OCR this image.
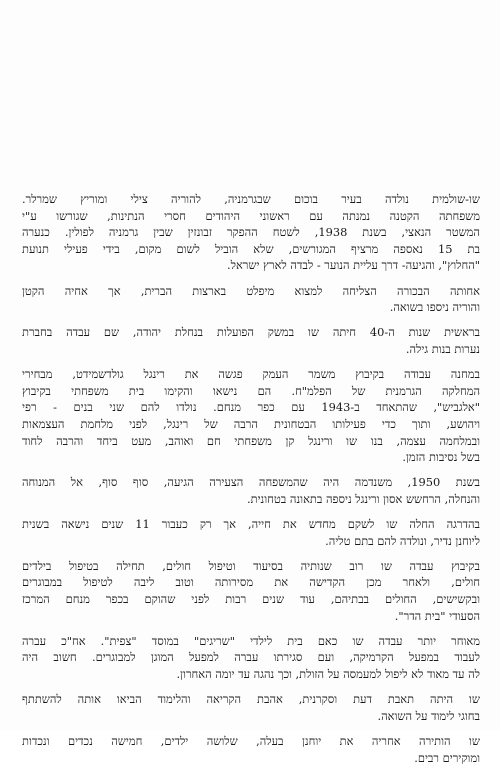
שו-שולמית נולדה בעיר בוכום שבגרמניה, להוריה צילי ומוריץ שמרלר.
משפחתה הקטנה נמנתה עם ראשוני היהודים חסרי הנתינות, שגורשו ע"י
המשטר הנאצי, בשנת 1938, לשטח ההפקר זבונזין שבין גרמניה לפולין. כנערה
בת 15 נאספה מרציף המגורשים, שלא הוביל לשום מקום, בידי פעילי תנועת
"החלוץ", והגיעה- דרך עליית הנוער - לבדה לארץ ישראל.
אחותה הבכורה הצליחה למצוא מיפלט בארצות הברית, אך אחיה הקטן
והוריה ניספו בשואה.
בראשית שנות ה-40 חיתה שו במשק הפועלות בנחלת יהודה, שם עבדה בחברת
נערות בנות גילה.
במחנה עבודה בקיבוץ משמר העמק פגשה את רינגל גולדשמידט, מבחירי
המחלקה הגרמנית של הפלמ"ח. הם נישאו והקימו בית משפחתי בקיבוץ
"אלגביש", שהתאחד ב-1943 עם כפר מנחם. נולדו להם שני בנים - רפי
ויהושע, ותוך כדי פעילותו הבטחונית הרבה של רינגל, לפני מלחמת העצמאות
ובמלחמה עצמה, בנו שו ורינגל קן משפחתי חם ואוהב, מעט ביחד והרבה לחוד
בשל נסיבות הזמן.
בשנת 1950, משנדמה היה שהמשפחה הצעירה הגיעה, סוף סוף, אל המנוחה
והנחלה, הרחשש אסון ורינגל ניספה בתאונה בטחונית.
בהדרגה החלה שו לשקם מחדש את חייה, אך רק כעבור 11 שנים נישאה בשנית
ליוחנן נדיר, ונולדה להם בתם טליה.
בקיבוץ עבדה שו רוב שנותיה בסיעוד וטיפול חולים, תחילה בטיפול בילדים
חולים, ולאחר מכן הקדישה את מסירותה וטוב ליבה לטיפול במבוגרים
ובקשישים, החולים בבתיהם, עוד שנים רבות לפני שהוקם בכפר מנחם המרכז
הסעודי "בית הדר".
מאוחר יותר עבדה שו כאם בית לילדי "שריגים" במוסד "צפית". אח"כ עברה
לעבוד במפעל הקרמיקה, ועם סגירתו עברה למפעל המוגן למבוגרים. חשוב היה
לה עד מאוד לא ליפול למעמסה על הזולת, וכך נהגה עד יומה האחרון.
שו היתה תאבת דעת וסקרנית, אהבת הקריאה והלימוד הביאו אותה להשתתף
בחוגי לימוד על השואה.
שו הותירה אחריה את יוחנן בעלה, שלושה ילדים, חמישה נכדים ונכדות
ומוקירים רבים.
